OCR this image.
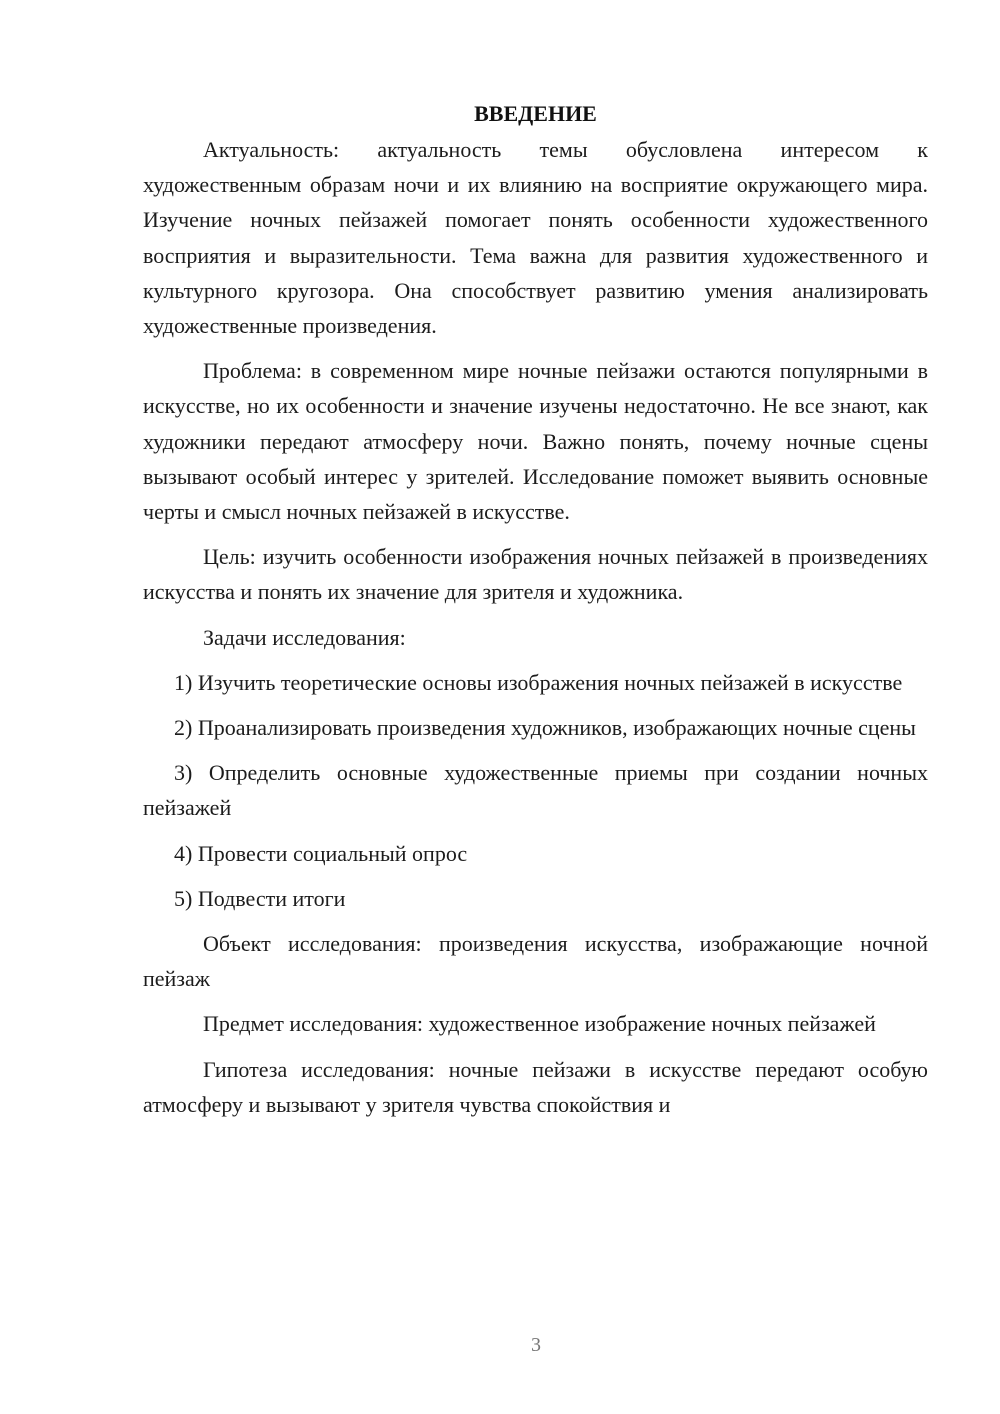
ВВЕДЕНИЕ

Актуальность: актуальность темы обусловлена интересом к художественным образам ночи и их влиянию на восприятие окружающего мира. Изучение ночных пейзажей помогает понять особенности художественного восприятия и выразительности. Тема важна для развития художественного и культурного кругозора. Она способствует развитию умения анализировать художественные произведения.

Проблема: в современном мире ночные пейзажи остаются популярными в искусстве, но их особенности и значение изучены недостаточно. Не все знают, как художники передают атмосферу ночи. Важно понять, почему ночные сцены вызывают особый интерес у зрителей. Исследование поможет выявить основные черты и смысл ночных пейзажей в искусстве.

Цель: изучить особенности изображения ночных пейзажей в произведениях искусства и понять их значение для зрителя и художника.

Задачи исследования:

1) Изучить теоретические основы изображения ночных пейзажей в искусстве

2) Проанализировать произведения художников, изображающих ночные сцены

3) Определить основные художественные приемы при создании ночных пейзажей

4) Провести социальный опрос

5) Подвести итоги

Объект исследования: произведения искусства, изображающие ночной пейзаж

Предмет исследования: художественное изображение ночных пейзажей

Гипотеза исследования: ночные пейзажи в искусстве передают особую атмосферу и вызывают у зрителя чувства спокойствия и

3
